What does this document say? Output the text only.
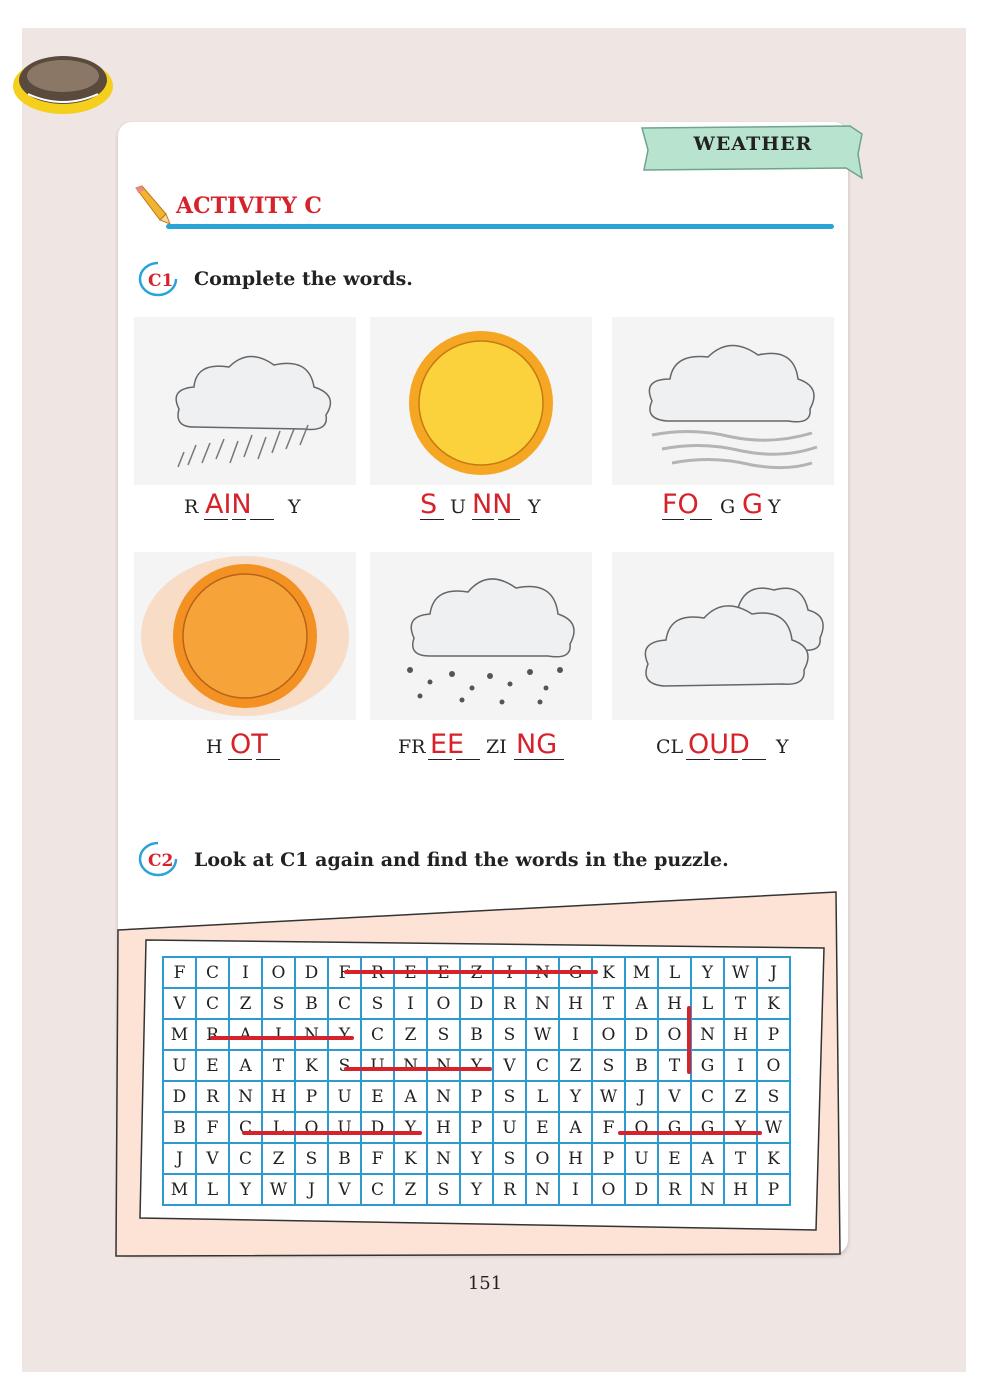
WEATHER
ACTIVITY C
C1 Complete the words.
R AIN Y	S U NN Y	FO G G Y
H OT	FR EE ZI NG	CL OUD Y
C2 Look at C1 again and find the words in the puzzle.
F	C	I	O	D	F	R	E	E	Z	I	N	G	K	M	L	Y	W	J
V	C	Z	S	B	C	S	I	O	D	R	N	H	T	A	H	L	T	K
M	R	A	I	N	Y	C	Z	S	B	S	W	I	O	D	O	N	H	P
U	E	A	T	K	S	U	N	N	Y	V	C	Z	S	B	T	G	I	O
D	R	N	H	P	U	E	A	N	P	S	L	Y	W	J	V	C	Z	S
B	F	C	L	O	U	D	Y	H	P	U	E	A	F	O	G	G	Y	W
J	V	C	Z	S	B	F	K	N	Y	S	O	H	P	U	E	A	T	K
M	L	Y	W	J	V	C	Z	S	Y	R	N	I	O	D	R	N	H	P
151
